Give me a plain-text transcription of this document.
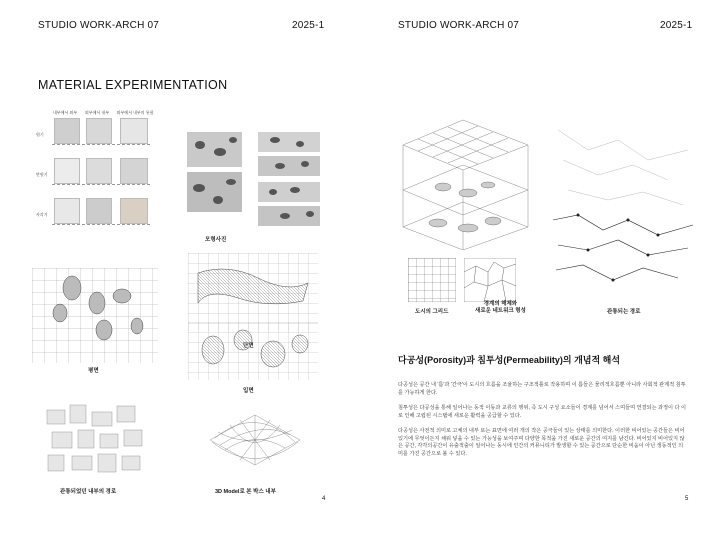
STUDIO WORK-ARCH 07	2025-1
MATERIAL EXPERIMENTATION
내부에서 외부	외부에서 내부	외부에서 내부의 통합
원기
반원기
사각기
모형사진
평면
입면
관통되었던 내부의 경로	3D Model로 본 박스 내부
4
STUDIO WORK-ARCH 07	2025-1
도시의 그리드
경계의 해체와
새로운 네트워크 형성	관통되는 경로
다공성(Porosity)과 침투성(Permeability)의 개념적 해석
다공성은 공간 내 '틈'과 '간극'이 도시의 흐름을 조율하는 구조적틀로 작용하며 이 틈들은 물리적흐름뿐 아니라 사회적 관계적 침투를 가능하게 한다.
침투성은 다공성을 통해 일어나는 동적 이동과 교류의 행위, 즉 도시 구성 요소들이 경계를 넘어서 스며들며 연결되는 과정이 다 이로 인해 고립된 시스템에 새로운 활력을 공급할 수 있다.
다공성은 사전적 의미로 고체의 내부 또는 표면에 여러 개의 작은 공극들이 있는 상태를 의미한다. 이러한 비어있는 공간들은 비어있기에 무엇이든지 채워 넣을 수 있는 가능성을 보여주며 다양한 목적을 가진 새로운 공간의 여지를 남긴다. 비어있지 비어있지 않은 공간, 각각의공간이 유출적출이 일어나는 동시에 인간의 커뮤니티가 발생할 수 있는 공간으로 단순한 비움이 아닌 생동적인 의미를 가진 공간으로 볼 수 있다.
5
